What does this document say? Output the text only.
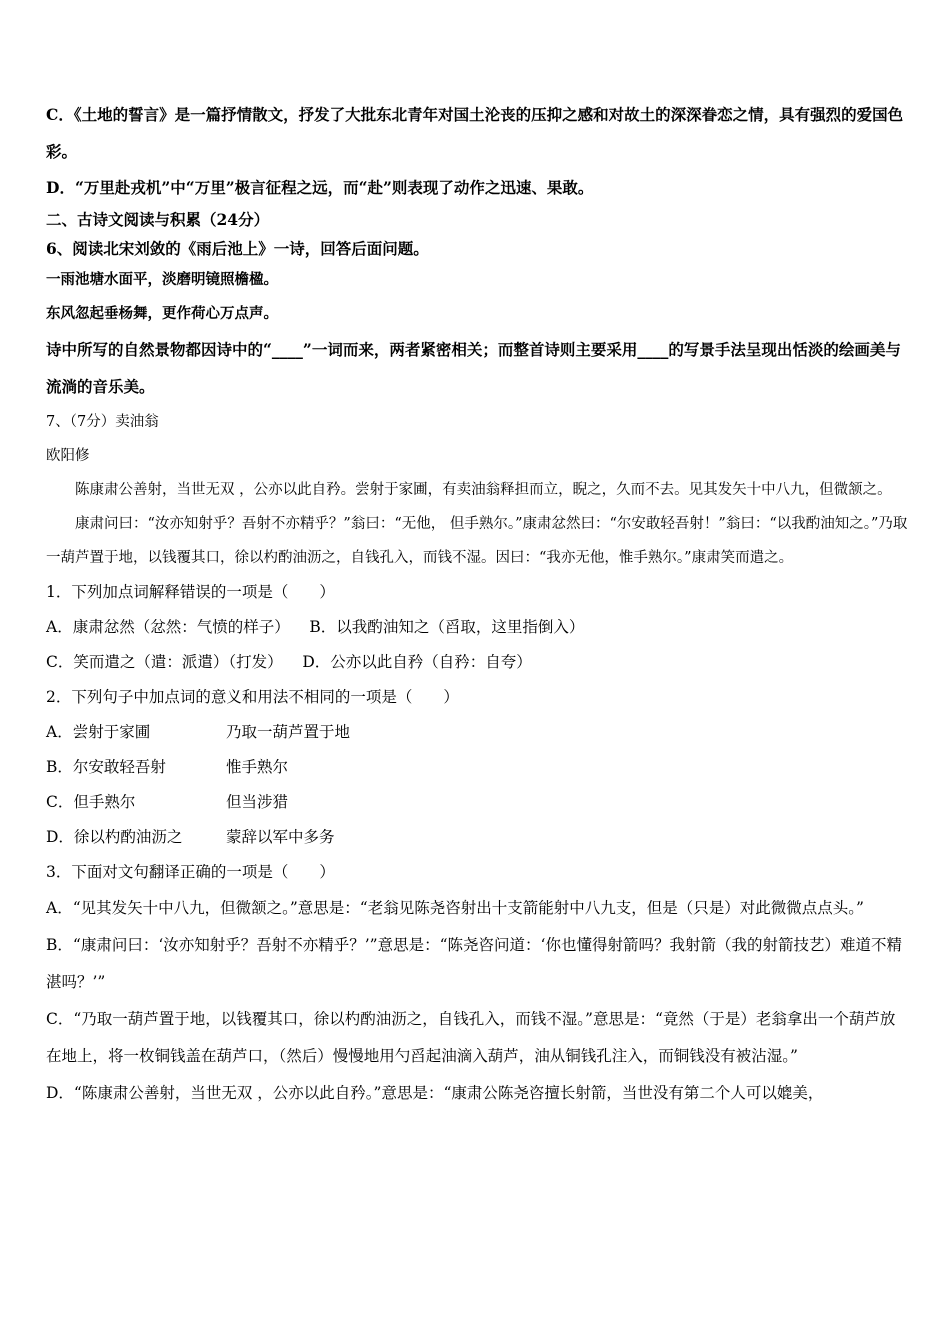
C．《土地的誓言》是一篇抒情散文，抒发了大批东北青年对国土沦丧的压抑之感和对故土的深深眷恋之情，具有强烈的爱国色彩。

D．“万里赴戎机”中“万里”极言征程之远，而“赴”则表现了动作之迅速、果敢。

二、古诗文阅读与积累（24分）

6、阅读北宋刘敛的《雨后池上》一诗，回答后面问题。

一雨池塘水面平，淡磨明镜照檐楹。

东风忽起垂杨舞，更作荷心万点声。

诗中所写的自然景物都因诗中的“____”一词而来，两者紧密相关；而整首诗则主要采用____的写景手法呈现出恬淡的绘画美与流淌的音乐美。

7、（7分）卖油翁

欧阳修

陈康肃公善射，当世无双 ，公亦以此自矜。尝射于家圃，有卖油翁释担而立，睨之，久而不去。见其发矢十中八九，但微颔之。

康肃问曰：“汝亦知射乎？吾射不亦精乎？”翁曰：“无他， 但手熟尔。”康肃忿然曰：“尔安敢轻吾射！”翁曰：“以我酌油知之。”乃取一葫芦置于地，以钱覆其口，徐以杓酌油沥之，自钱孔入，而钱不湿。因曰：“我亦无他，惟手熟尔。”康肃笑而遣之。

1．下列加点词解释错误的一项是（　　）

A．康肃忿然（忿然：气愤的样子） B．以我酌油知之（舀取，这里指倒入）

C．笑而遣之（遣：派遣）（打发） D．公亦以此自矜（自矜：自夸）

2．下列句子中加点词的意义和用法不相同的一项是（　　）

A．尝射于家圃	乃取一葫芦置于地

B．尔安敢轻吾射	惟手熟尔

C．但手熟尔	但当涉猎

D．徐以杓酌油沥之	蒙辞以军中多务

3．下面对文句翻译正确的一项是（　　）

A．“见其发矢十中八九，但微颔之。”意思是：“老翁见陈尧咨射出十支箭能射中八九支，但是（只是）对此微微点点头。”

B．“康肃问曰：‘汝亦知射乎？吾射不亦精乎？’”意思是：“陈尧咨问道：‘你也懂得射箭吗？我射箭（我的射箭技艺）难道不精湛吗？’”

C．“乃取一葫芦置于地，以钱覆其口，徐以杓酌油沥之，自钱孔入，而钱不湿。”意思是：“竟然（于是）老翁拿出一个葫芦放在地上，将一枚铜钱盖在葫芦口，（然后）慢慢地用勺舀起油滴入葫芦，油从铜钱孔注入，而铜钱没有被沾湿。”

D．“陈康肃公善射，当世无双 ，公亦以此自矜。”意思是：“康肃公陈尧咨擅长射箭，当世没有第二个人可以媲美，
